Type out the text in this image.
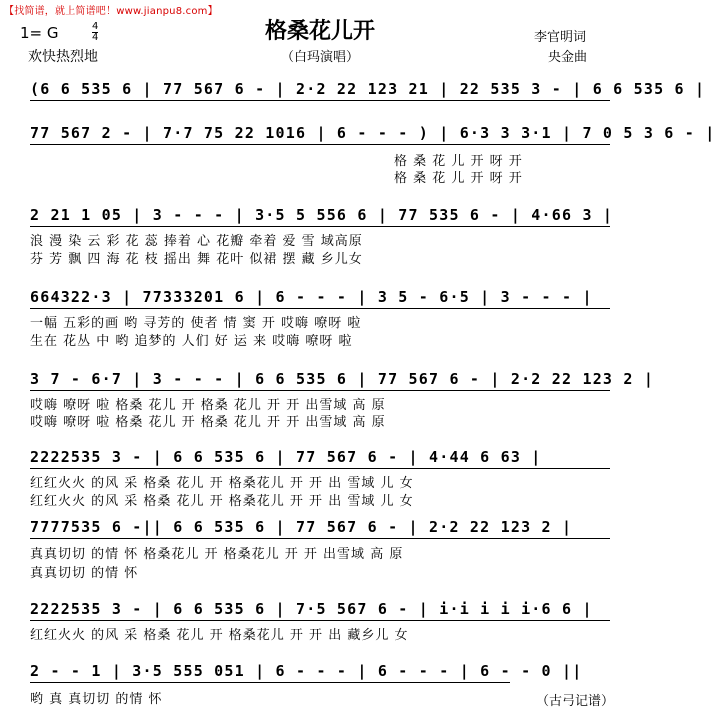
【找简谱，就上简谱吧！www.jianpu8.com】
1= G	4
4
欢快热烈地
格桑花儿开
（白玛演唱）
李官明词
央金曲
(6 6 535 6 | 77 567 6 - | 2·2 22 123 21 | 22 535 3 - | 6 6 535 6 |
77 567 2 - | 7·7 75 22 1016 | 6 - - - ) | 6·3 3 3·1 | 7 0 5 3 6 - |
格 桑 花 儿 开 呀 开
格 桑 花 儿 开 呀 开
2 21 1 05 | 3 - - - | 3·5 5 556 6 | 77 535 6 - | 4·66 3 |
浪 漫 染 云 彩 花 蕊 捧着 心 花瓣 牵着 爱 雪 域高原
芬 芳 飘 四 海 花 枝 摇出 舞 花叶 似裙 摆 藏 乡儿女
664322·3 | 77333201 6 | 6 - - - | 3 5 - 6·5 | 3 - - - |
一幅 五彩的画 哟 寻芳的 使者 情 窦 开 哎嗨 嘹呀 啦
生在 花丛 中 哟 追梦的 人们 好 运 来 哎嗨 嘹呀 啦
3 7 - 6·7 | 3 - - - | 6 6 535 6 | 77 567 6 - | 2·2 22 123 2 |
哎嗨 嘹呀 啦 格桑 花儿 开 格桑 花儿 开 开 出雪域 高 原
哎嗨 嘹呀 啦 格桑 花儿 开 格桑 花儿 开 开 出雪域 高 原
2222535 3 - | 6 6 535 6 | 77 567 6 - | 4·44 6 63 |
红红火火 的风 采 格桑 花儿 开 格桑花儿 开 开 出 雪域 儿 女
红红火火 的风 采 格桑 花儿 开 格桑花儿 开 开 出 雪域 儿 女
7777535 6 -|| 6 6 535 6 | 77 567 6 - | 2·2 22 123 2 |
真真切切 的情 怀 格桑花儿 开 格桑花儿 开 开 出雪域 高 原
真真切切 的情 怀
2222535 3 - | 6 6 535 6 | 7·5 567 6 - | i·i i i i·6 6 |
红红火火 的风 采 格桑 花儿 开 格桑花儿 开 开 出 藏乡儿 女
2 - - 1 | 3·5 555 051 | 6 - - - | 6 - - - | 6 - - 0 ||
哟 真 真切切 的情 怀	（古弓记谱）
